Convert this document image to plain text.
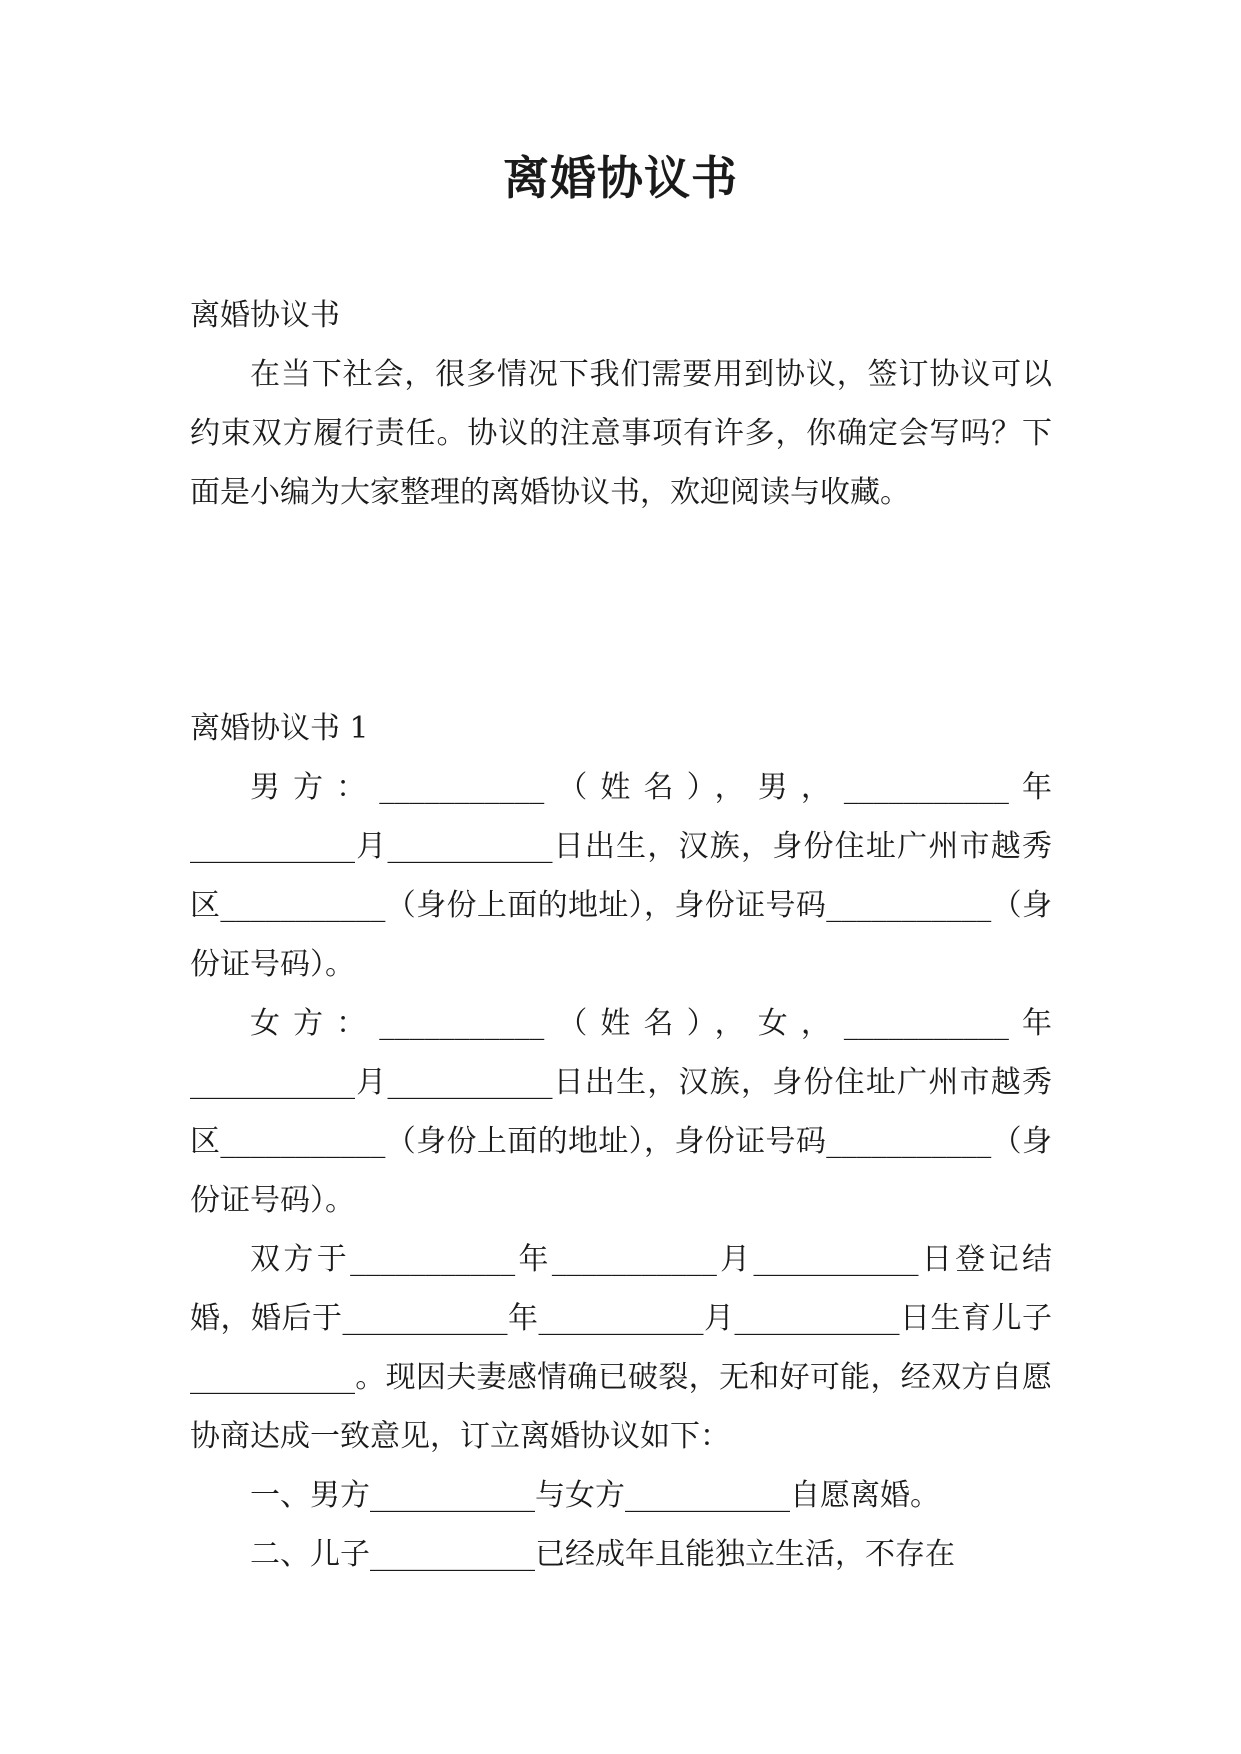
离婚协议书

离婚协议书

在当下社会，很多情况下我们需要用到协议，签订协议可以约束双方履行责任。协议的注意事项有许多，你确定会写吗？下面是小编为大家整理的离婚协议书，欢迎阅读与收藏。

离婚协议书 1

男方：___________（姓名），男，___________年___________月___________日出生，汉族，身份住址广州市越秀区___________（身份上面的地址），身份证号码___________（身份证号码）。

女方：___________（姓名），女，___________年___________月___________日出生，汉族，身份住址广州市越秀区___________（身份上面的地址），身份证号码___________（身份证号码）。

双方于___________年___________月___________日登记结婚，婚后于___________年___________月___________日生育儿子___________。现因夫妻感情确已破裂，无和好可能，经双方自愿协商达成一致意见，订立离婚协议如下：

一、男方___________与女方___________自愿离婚。

二、儿子___________已经成年且能独立生活，不存在
